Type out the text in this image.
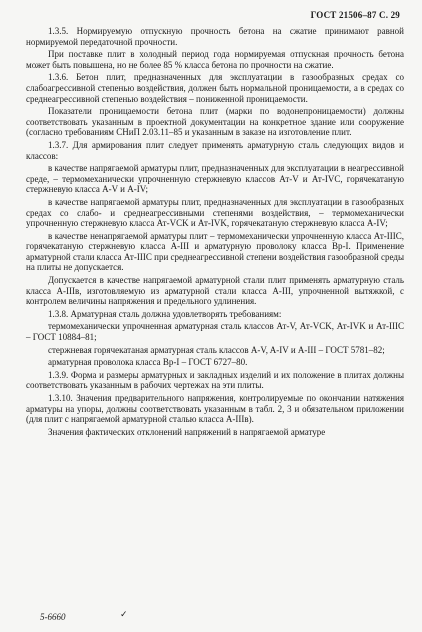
ГОСТ 21506–87 С. 29

1.3.5. Нормируемую отпускную прочность бетона на сжатие принимают равной нормируемой передаточной прочности.

При поставке плит в холодный период года нормируемая отпускная прочность бетона может быть повышена, но не более 85 % класса бетона по прочности на сжатие.

1.3.6. Бетон плит, предназначенных для эксплуатации в газообразных средах со слабоагрессивной степенью воздействия, должен быть нормальной проницаемости, а в средах со среднеагрессивной степенью воздействия – пониженной проницаемости.

Показатели проницаемости бетона плит (марки по водонепроницаемости) должны соответствовать указанным в проектной документации на конкретное здание или сооружение (согласно требованиям СНиП 2.03.11–85 и указанным в заказе на изготовление плит.

1.3.7. Для армирования плит следует применять арматурную сталь следующих видов и классов:

в качестве напрягаемой арматуры плит, предназначенных для эксплуатации в неагрессивной среде, – термомеханически упрочненную стержневую классов Ат-V и Ат-IVC, горячекатаную стержневую класса A-V и A-IV;

в качестве напрягаемой арматуры плит, предназначенных для эксплуатации в газообразных средах со слабо- и среднеагрессивными степенями воздействия, – термомеханически упрочненную стержневую класса Ат-VCK и Ат-IVK, горячекатаную стержневую класса A-IV;

в качестве ненапрягаемой арматуры плит – термомеханически упрочненную класса Ат-IIIC, горячекатаную стержневую класса A-III и арматурную проволоку класса Вр-I. Применение арматурной стали класса Ат-IIIC при среднеагрессивной степени воздействия газообразной среды на плиты не допускается.

Допускается в качестве напрягаемой арматурной стали плит применять арматурную сталь класса A-IIIв, изготовляемую из арматурной стали класса A-III, упрочненной вытяжкой, с контролем величины напряжения и предельного удлинения.

1.3.8. Арматурная сталь должна удовлетворять требованиям:

термомеханически упрочненная арматурная сталь классов Ат-V, Ат-VCK, Ат-IVK и Ат-IIIC – ГОСТ 10884–81;

стержневая горячекатаная арматурная сталь классов A-V, A-IV и A-III – ГОСТ 5781–82;

арматурная проволока класса Вр-I – ГОСТ 6727–80.

1.3.9. Форма и размеры арматурных и закладных изделий и их положение в плитах должны соответствовать указанным в рабочих чертежах на эти плиты.

1.3.10. Значения предварительного напряжения, контролируемые по окончании натяжения арматуры на упоры, должны соответствовать указанным в табл. 2, 3 и обязательном приложении (для плит с напрягаемой арматурной сталью класса A-IIIв).

Значения фактических отклонений напряжений в напрягаемой арматуре

5-6660	✓
